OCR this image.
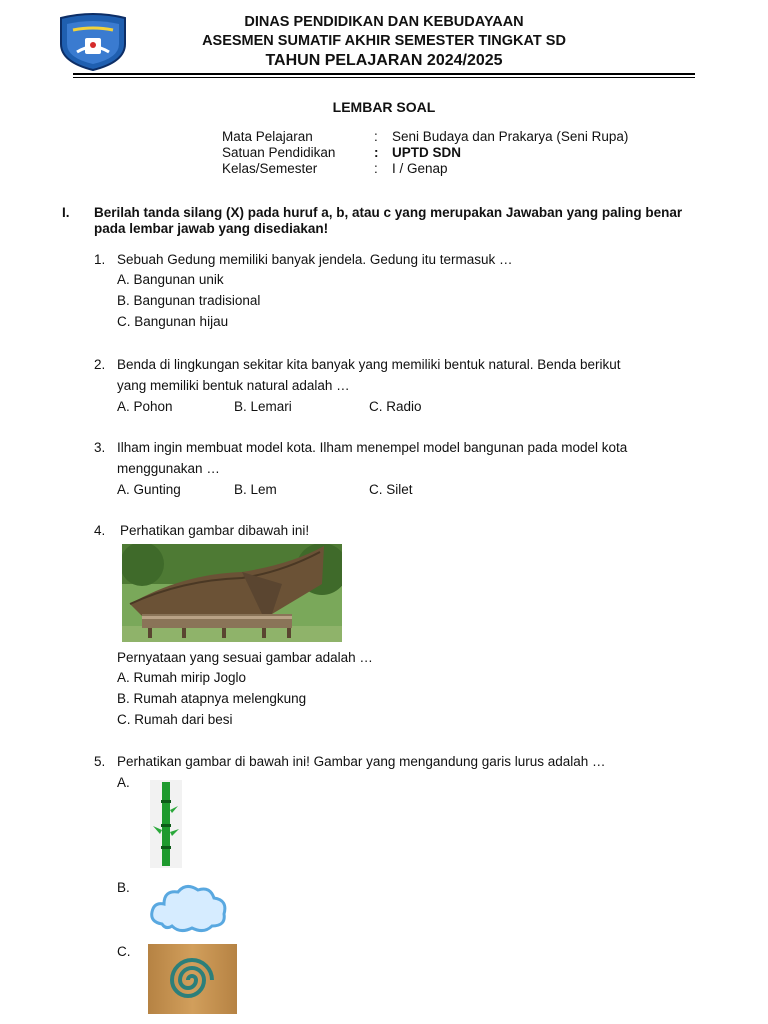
DINAS PENDIDIKAN DAN KEBUDAYAAN
ASESMEN SUMATIF AKHIR SEMESTER TINGKAT SD
TAHUN PELAJARAN 2024/2025
LEMBAR SOAL
Mata Pelajaran	: Seni Budaya dan Prakarya (Seni Rupa)
Satuan Pendidikan	: UPTD SDN
Kelas/Semester	: I / Genap
I. Berilah tanda silang (X) pada huruf a, b, atau c yang merupakan Jawaban yang paling benar pada lembar jawab yang disediakan!
1. Sebuah Gedung memiliki banyak jendela. Gedung itu termasuk …
A. Bangunan unik
B. Bangunan tradisional
C. Bangunan hijau
2. Benda di lingkungan sekitar kita banyak yang memiliki bentuk natural. Benda berikut
yang memiliki bentuk natural adalah …
A. Pohon	B. Lemari	C. Radio
3. Ilham ingin membuat model kota. Ilham menempel model bangunan pada model kota
menggunakan …
A. Gunting	B. Lem	C. Silet
4. Perhatikan gambar dibawah ini!
Pernyataan yang sesuai gambar adalah …
A. Rumah mirip Joglo
B. Rumah atapnya melengkung
C. Rumah dari besi
5. Perhatikan gambar di bawah ini! Gambar yang mengandung garis lurus adalah …
A.
B.
C.
